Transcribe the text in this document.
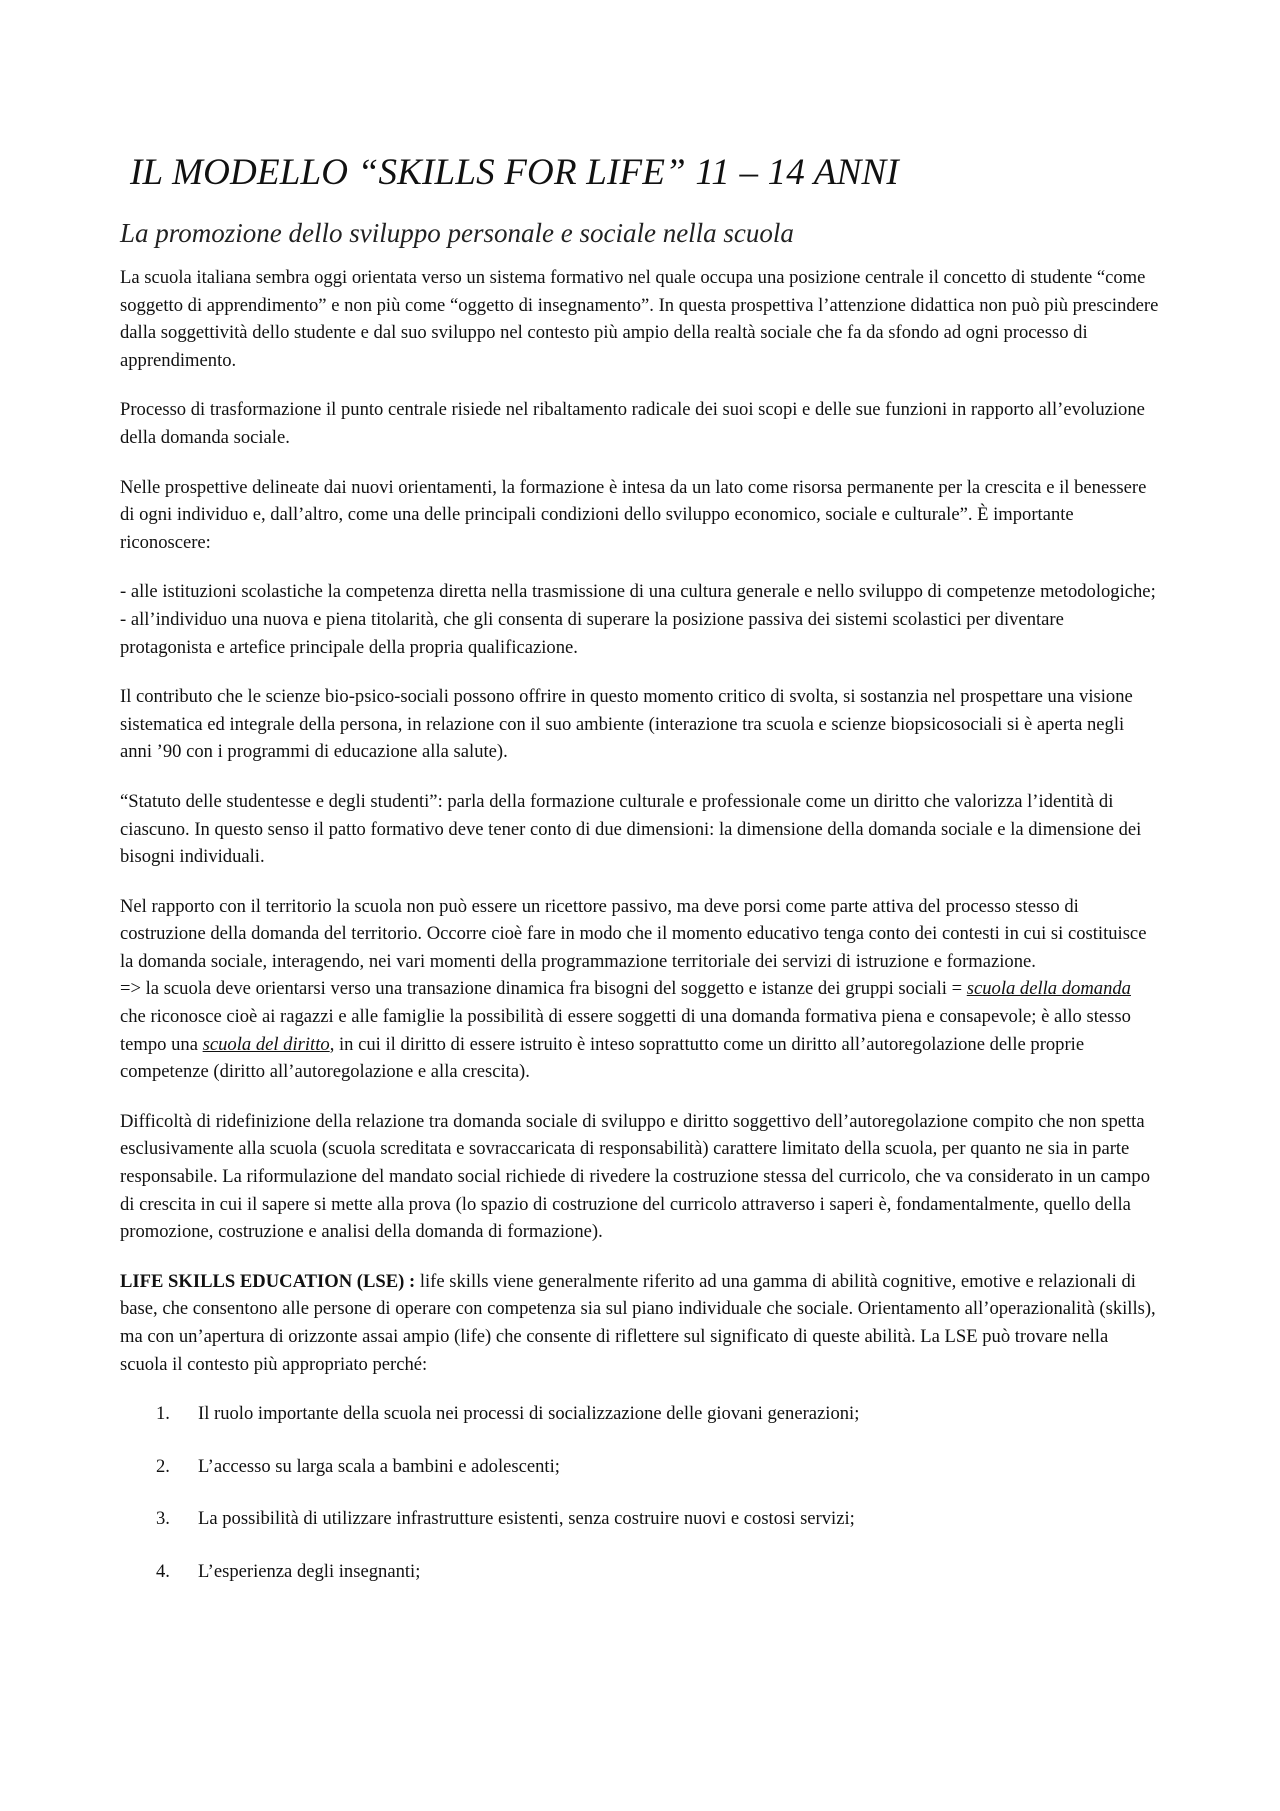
IL MODELLO “SKILLS FOR LIFE” 11 – 14 ANNI
La promozione dello sviluppo personale e sociale nella scuola

La scuola italiana sembra oggi orientata verso un sistema formativo nel quale occupa una posizione centrale il concetto di studente “come soggetto di apprendimento” e non più come “oggetto di insegnamento”. In questa prospettiva l’attenzione didattica non può più prescindere dalla soggettività dello studente e dal suo sviluppo nel contesto più ampio della realtà sociale che fa da sfondo ad ogni processo di apprendimento.

Processo di trasformazione il punto centrale risiede nel ribaltamento radicale dei suoi scopi e delle sue funzioni in rapporto all’evoluzione della domanda sociale.

Nelle prospettive delineate dai nuovi orientamenti, la formazione è intesa da un lato come risorsa permanente per la crescita e il benessere di ogni individuo e, dall’altro, come una delle principali condizioni dello sviluppo economico, sociale e culturale”. È importante riconoscere:

- alle istituzioni scolastiche la competenza diretta nella trasmissione di una cultura generale e nello sviluppo di competenze metodologiche;

- all’individuo una nuova e piena titolarità, che gli consenta di superare la posizione passiva dei sistemi scolastici per diventare protagonista e artefice principale della propria qualificazione.

Il contributo che le scienze bio-psico-sociali possono offrire in questo momento critico di svolta, si sostanzia nel prospettare una visione sistematica ed integrale della persona, in relazione con il suo ambiente (interazione tra scuola e scienze biopsicosociali si è aperta negli anni ’90 con i programmi di educazione alla salute).

“Statuto delle studentesse e degli studenti”: parla della formazione culturale e professionale come un diritto che valorizza l’identità di ciascuno. In questo senso il patto formativo deve tener conto di due dimensioni: la dimensione della domanda sociale e la dimensione dei bisogni individuali.

Nel rapporto con il territorio la scuola non può essere un ricettore passivo, ma deve porsi come parte attiva del processo stesso di costruzione della domanda del territorio. Occorre cioè fare in modo che il momento educativo tenga conto dei contesti in cui si costituisce la domanda sociale, interagendo, nei vari momenti della programmazione territoriale dei servizi di istruzione e formazione.

=> la scuola deve orientarsi verso una transazione dinamica fra bisogni del soggetto e istanze dei gruppi sociali = scuola della domanda che riconosce cioè ai ragazzi e alle famiglie la possibilità di essere soggetti di una domanda formativa piena e consapevole; è allo stesso tempo una scuola del diritto, in cui il diritto di essere istruito è inteso soprattutto come un diritto all’autoregolazione delle proprie competenze (diritto all’autoregolazione e alla crescita).

Difficoltà di ridefinizione della relazione tra domanda sociale di sviluppo e diritto soggettivo dell’autoregolazione compito che non spetta esclusivamente alla scuola (scuola screditata e sovraccaricata di responsabilità) carattere limitato della scuola, per quanto ne sia in parte responsabile. La riformulazione del mandato social richiede di rivedere la costruzione stessa del curricolo, che va considerato in un campo di crescita in cui il sapere si mette alla prova (lo spazio di costruzione del curricolo attraverso i saperi è, fondamentalmente, quello della promozione, costruzione e analisi della domanda di formazione).

LIFE SKILLS EDUCATION (LSE) : life skills viene generalmente riferito ad una gamma di abilità cognitive, emotive e relazionali di base, che consentono alle persone di operare con competenza sia sul piano individuale che sociale. Orientamento all’operazionalità (skills), ma con un’apertura di orizzonte assai ampio (life) che consente di riflettere sul significato di queste abilità. La LSE può trovare nella scuola il contesto più appropriato perché:

1.	Il ruolo importante della scuola nei processi di socializzazione delle giovani generazioni;
2.	L’accesso su larga scala a bambini e adolescenti;
3.	La possibilità di utilizzare infrastrutture esistenti, senza costruire nuovi e costosi servizi;
4.	L’esperienza degli insegnanti;
